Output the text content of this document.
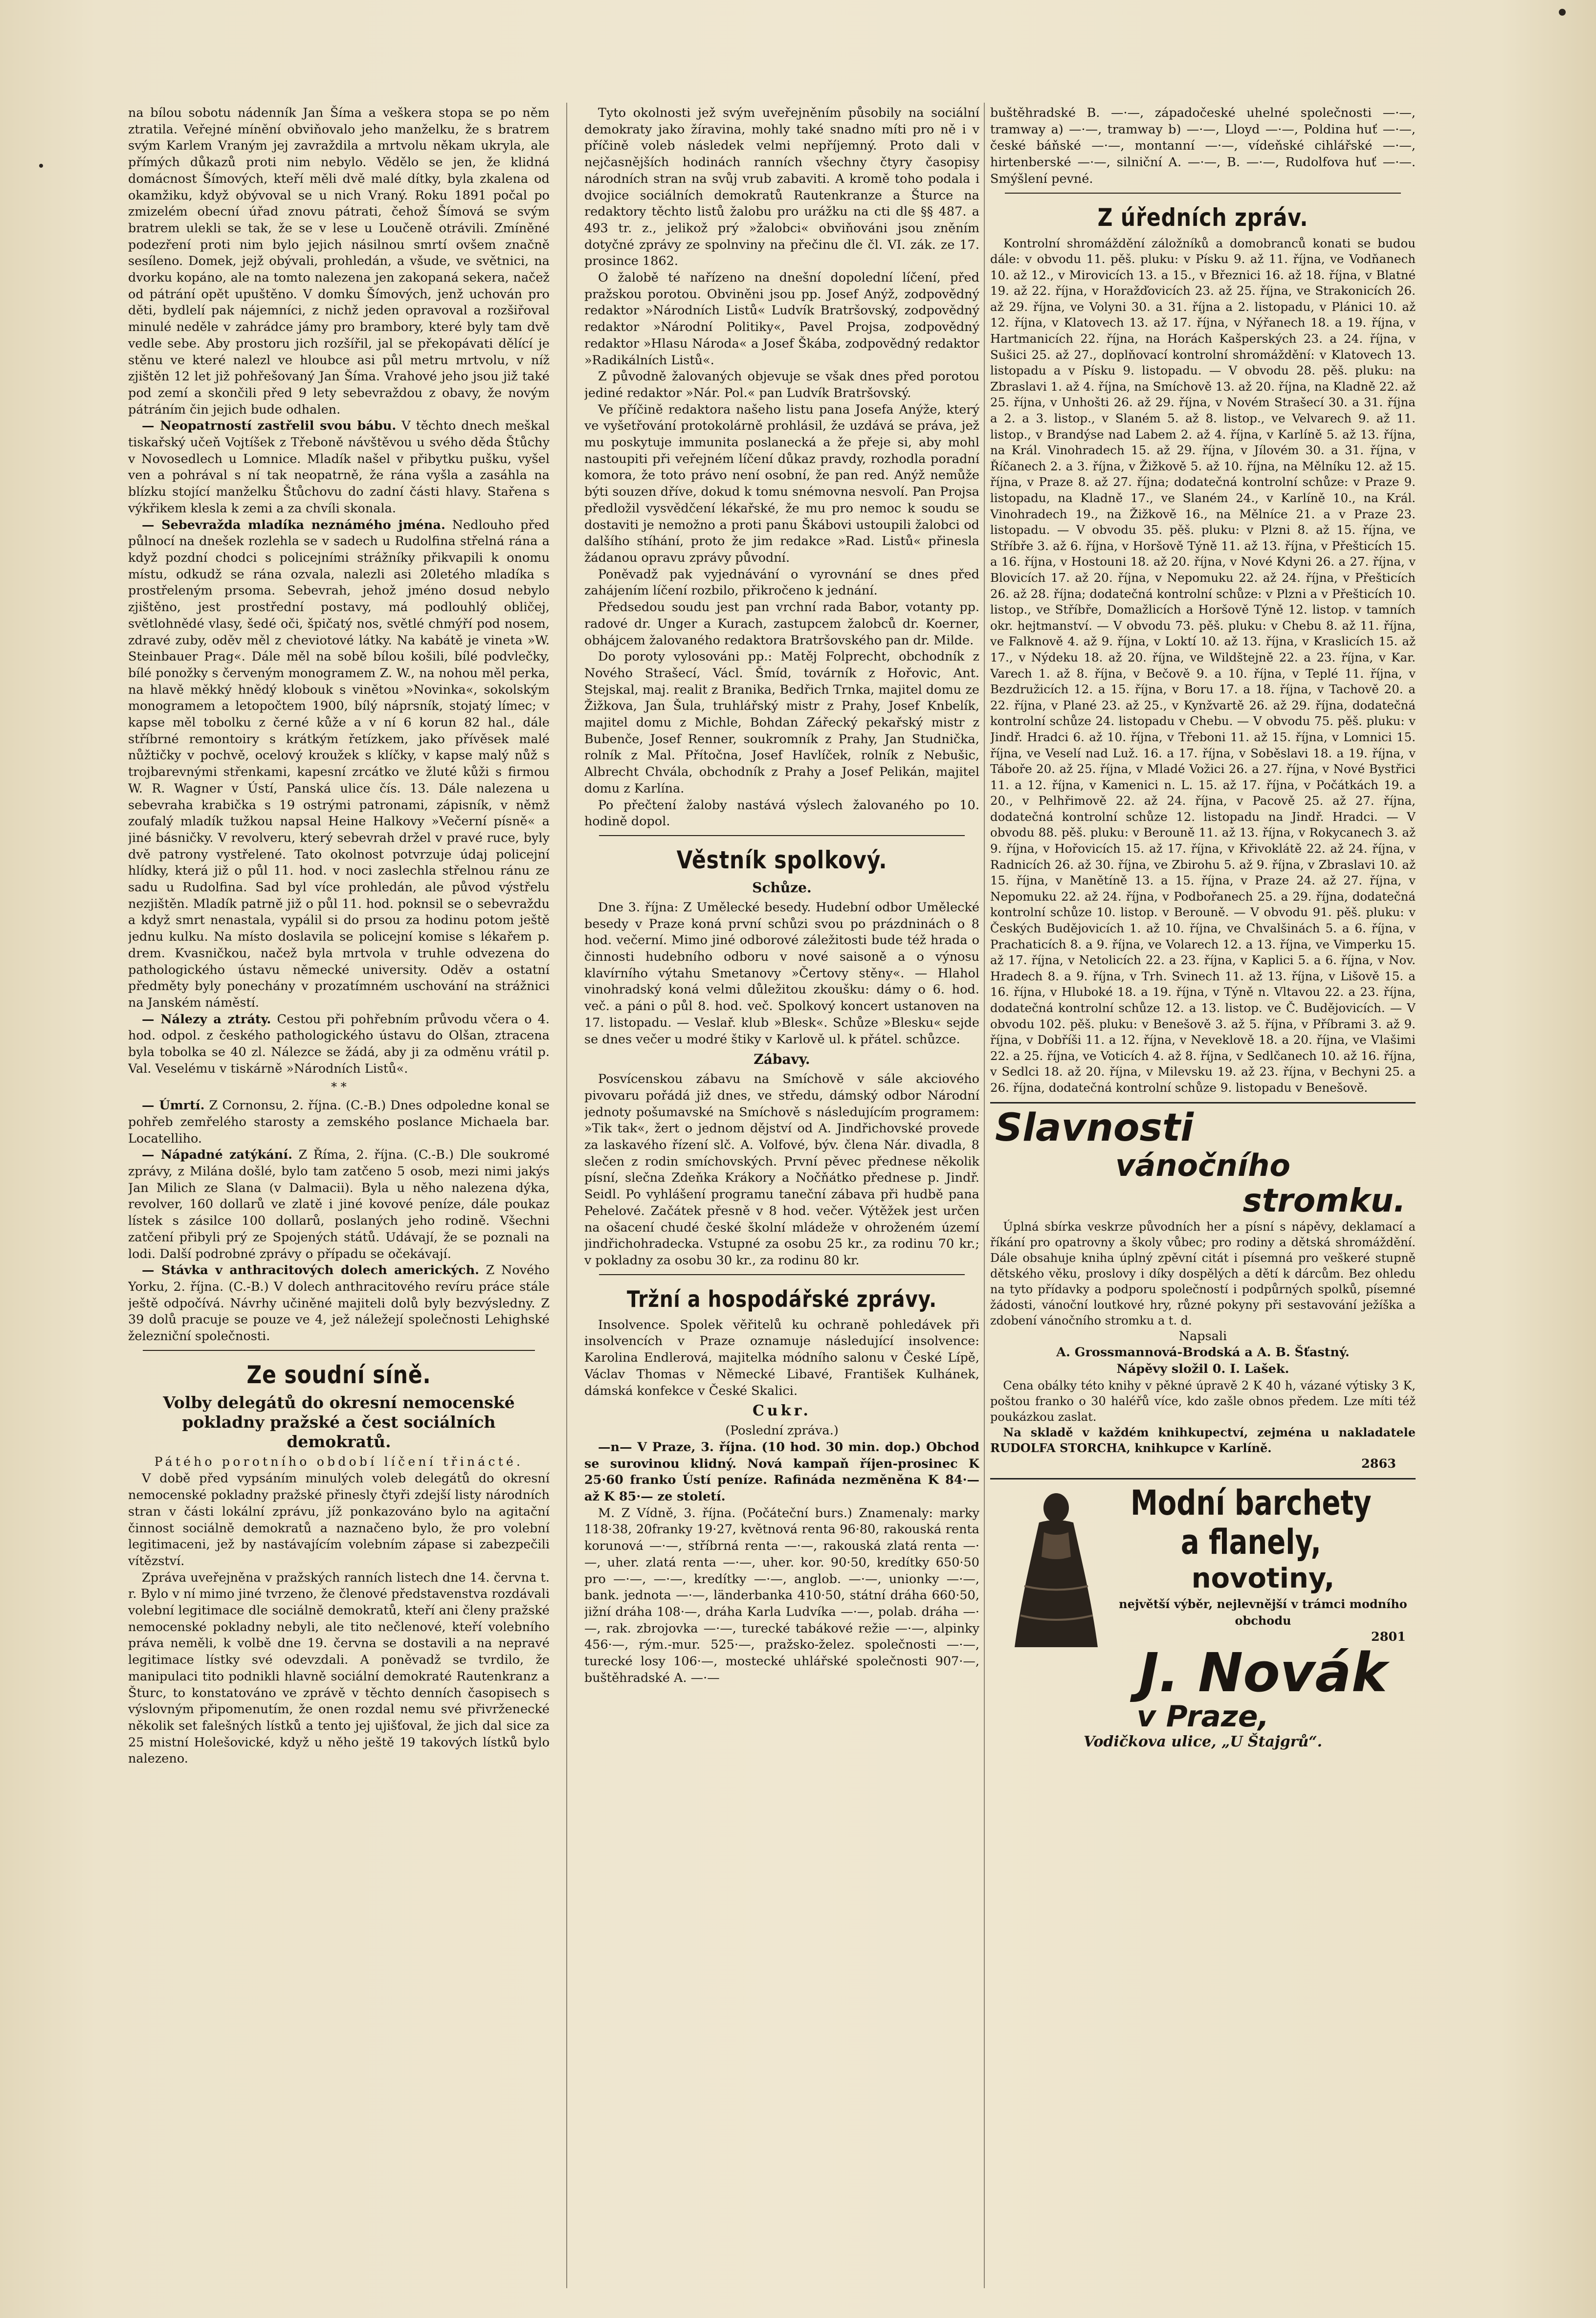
na bílou sobotu nádenník Jan Šíma a veškera stopa se po něm ztratila. Veřejné mínění obviňovalo jeho manželku, že s bratrem svým Karlem Vraným jej zavraždila a mrtvolu někam ukryla, ale přímých důkazů proti nim nebylo. Vědělo se jen, že klidná domácnost Šímových, kteří měli dvě malé dítky, byla zkalena od okamžiku, když obývoval se u nich Vraný. Roku 1891 počal po zmizelém obecní úřad znovu pátrati, čehož Šímová se svým bratrem ulekli se tak, že se v lese u Loučeně otrávili. Zmíněné podezření proti nim bylo jejich násilnou smrtí ovšem značně sesíleno. Domek, jejž obývali, prohledán, a všude, ve světnici, na dvorku kopáno, ale na tomto nalezena jen zakopaná sekera, načež od pátrání opět upuštěno. V domku Šímových, jenž uchován pro děti, bydlelí pak nájemníci, z nichž jeden opravoval a rozšiřoval minulé neděle v zahrádce jámy pro brambory, které byly tam dvě vedle sebe. Aby prostoru jich rozšířil, jal se překopávati dělící je stěnu ve které nalezl ve hloubce asi půl metru mrtvolu, v níž zjištěn 12 let již pohřešovaný Jan Šíma. Vrahové jeho jsou již také pod zemí a skončili před 9 lety sebevraždou z obavy, že novým pátráním čin jejich bude odhalen.

— Neopatrností zastřelil svou bábu. V těchto dnech meškal tiskařský učeň Vojtíšek z Třeboně návštěvou u svého děda Štůchy v Novosedlech u Lomnice. Mladík našel v přibytku pušku, vyšel ven a pohrával s ní tak neopatrně, že rána vyšla a zasáhla na blízku stojící manželku Štůchovu do zadní části hlavy. Stařena s výkřikem klesla k zemi a za chvíli skonala.

— Sebevražda mladíka neznámého jména. Nedlouho před půlnocí na dnešek rozlehla se v sadech u Rudolfina střelná rána a když pozdní chodci s policejními strážníky přikvapili k onomu místu, odkudž se rána ozvala, nalezli asi 20letého mladíka s prostřeleným prsoma. Sebevrah, jehož jméno dosud nebylo zjištěno, jest prostřední postavy, má podlouhlý obličej, světlohnědé vlasy, šedé oči, špičatý nos, světlé chmýří pod nosem, zdravé zuby, oděv měl z cheviotové látky. Na kabátě je vinetа »W. Steinbauer Prag«. Dále měl na sobě bílou košili, bílé podvlečky, bílé ponožky s červeným monogramem Z. W., na nohou měl perka, na hlavě měkký hnědý klobouk s vinětou »Novinka«, sokolským monogramem a letopočtem 1900, bílý náprsník, stojatý límec; v kapse měl tobolku z černé kůže a v ní 6 korun 82 hal., dále stříbrné remontoiry s krátkým řetízkem, jako přívěsek malé nůžtičky v pochvě, ocelový kroužek s klíčky, v kapse malý nůž s trojbarevnými střenkami, kapesní zrcátko ve žluté kůži s firmou W. R. Wagner v Ústí, Panská ulice čís. 13. Dále nalezena u sebevraha krabička s 19 ostrými patronami, zápisník, v němž zoufalý mladík tužkou napsal Heine Halkovy »Večerní písně« a jiné básničky. V revolveru, který sebevrah držel v pravé ruce, byly dvě patrony vystřelené. Tato okolnost potvrzuje údaj policejní hlídky, která již o půl 11. hod. v noci zaslechla střelnou ránu ze sadu u Rudolfina. Sad byl více prohledán, ale původ výstřelu nezjištěn. Mladík patrně již o půl 11. hod. poknsil se o sebevraždu a když smrt nenastala, vypálil si do prsou za hodinu potom ještě jednu kulku. Na místo doslavila se policejní komise s lékařem p. drem. Kvasničkou, načež byla mrtvola v truhle odvezena do pathologického ústavu německé university. Oděv a ostatní předměty byly ponechány v prozatímném uschování na strážnici na Janském náměstí.

— Nálezy a ztráty. Cestou při pohřebním průvodu včera o 4. hod. odpol. z českého pathologického ústavu do Olšan, ztracena byla tobolka se 40 zl. Nálezce se žádá, aby ji za odměnu vrátil p. Val. Veselému v tiskárně »Národních Listů«.

* *

— Úmrtí. Z Cornonsu, 2. října. (C.-B.) Dnes odpoledne konal se pohřeb zemřelého starosty a zemského poslance Michaela bar. Locatelliho.

— Nápadné zatýkání. Z Říma, 2. října. (C.-B.) Dle soukromé zprávy, z Milána došlé, bylo tam zatčeno 5 osob, mezi nimi jakýs Jan Milich ze Slana (v Dalmacii). Byla u něho nalezena dýka, revolver, 160 dollarů ve zlatě i jiné kovové peníze, dále poukaz lístek s zásilce 100 dollarů, poslaných jeho rodině. Všechni zatčení přibyli prý ze Spojených států. Udávají, že se poznali na lodi. Další podrobné zprávy o případu se očekávají.

— Stávka v anthracitových dolech amerických. Z Nového Yorku, 2. října. (C.-B.) V dolech anthracitového revíru práce stále ještě odpočívá. Návrhy učiněné majiteli dolů byly bezvýsledny. Z 39 dolů pracuje se pouze ve 4, jež náležejí společnosti Lehighské železniční společnosti.

Ze soudní síně.
Volby delegátů do okresní nemocenské pokladny pražské a čest sociálních demokratů.
Pátého porotního období líčení třinácté.

V době před vypsáním minulých voleb delegátů do okresní nemocenské pokladny pražské přinesly čtyři zdejší listy národních stran v části lokální zprávu, jíž ponkazováno bylo na agitační činnost sociálně demokratů a naznačeno bylo, že pro volební legitimaceni, jež by nastávajícím volebním zápase si zabezpečili vítězství.

Zpráva uveřejněna v pražských ranních listech dne 14. června t. r. Bylo v ní mimo jiné tvrzeno, že členové představenstva rozdávali volební legitimace dle sociálně demokratů, kteří ani členy pražské nemocenské pokladny nebyli, ale tito nečlenové, kteří volebního práva neměli, k volbě dne 19. června se dostavili a na nepravé legitimace lístky své odevzdali. A poněvadž se tvrdilo, že manipulaci tito podnikli hlavně sociální demokraté Rautenkranz a Šturc, to konstatováno ve zprávě v těchto denních časopisech s výslovným připomenutím, že onen rozdal nemu své přivrženecké několik set falešných lístků a tento jej ujišťoval, že jich dal sice za 25 mistní Holešovické, když u něho ještě 19 takových lístků bylo nalezeno.

Tyto okolnosti jež svým uveřejněním působily na sociální demokraty jako žíravina, mohly také snadno míti pro ně i v příčině voleb následek velmi nepříjemný. Proto dali v nejčasnějších hodinách ranních všechny čtyry časopisy národních stran na svůj vrub zabaviti. A kromě toho podala i dvojice sociálních demokratů Rautenkranze a Šturce na redaktory těchto listů žalobu pro urážku na cti dle §§ 487. a 493 tr. z., jelikož prý »žalobci« obviňováni jsou zněním dotyčné zprávy ze spolnviny na přečinu dle čl. VI. zák. ze 17. prosince 1862.

O žalobě té nařízeno na dnešní dopolední líčení, před pražskou porotou. Obviněni jsou pp. Josef Anýž, zodpovědný redaktor »Národních Listů« Ludvík Bratršovský, zodpovědný redaktor »Národní Politiky«, Pavel Projsa, zodpovědný redaktor »Hlasu Národa« a Josef Škába, zodpovědný redaktor »Radikálních Listů«.

Z původně žalovaných objevuje se však dnes před porotou jediné redaktor »Nár. Pol.« pan Ludvík Bratršovský.

Ve příčině redaktora našeho listu pana Josefa Anýže, který ve vyšetřování protokolárně prohlásil, že uzdává se práva, jež mu poskytuje immunita poslanecká a že přeje si, aby mohl nastoupiti při veřejném líčení důkaz pravdy, rozhodla poradní komora, že toto právo není osobní, že pan red. Anýž nemůže býti souzen dříve, dokud k tomu snémovna nesvolí. Pan Projsa předložil vysvědčení lékařské, že mu pro nemoc k soudu se dostaviti je nemožno a proti panu Škábovi ustoupili žalobci od dalšího stíhání, proto že jim redakce »Rad. Listů« přinesla žádanou opravu zprávy původní.

Poněvadž pak vyjednávání o vyrovnání se dnes před zahájením líčení rozbilo, přikročeno k jednání.

Předsedou soudu jest pan vrchní rada Babor, votanty pp. radové dr. Unger a Kurach, zastupcem žalobců dr. Koerner, obhájcem žalovaného redaktora Bratršovského pan dr. Milde.

Do poroty vylosováni pp.: Matěj Folprecht, obchodník z Nového Strašecí, Václ. Šmíd, továrník z Hořovic, Ant. Stejskal, maj. realit z Branika, Bedřich Trnka, majitel domu ze Žižkova, Jan Šula, truhlářský mistr z Prahy, Josef Knbelík, majitel domu z Michle, Bohdan Zářecký pekařský mistr z Bubenče, Josef Renner, soukromník z Prahy, Jan Studnička, rolník z Mal. Přítočna, Josef Havlíček, rolník z Nebušic, Albrecht Chvála, obchodník z Prahy a Josef Pelikán, majitel domu z Karlína.

Po přečtení žaloby nastává výslech žalovaného po 10. hodině dopol.

Věstník spolkový.
Schůze.

Dne 3. října: Z Umělecké besedy. Hudební odbor Umělecké besedy v Praze koná první schůzi svou po prázdninách o 8 hod. večerní. Mimo jiné odborové záležitosti bude též hrada o činnosti hudebního odboru v nové saisoně a o výnosu klavírního výtahu Smetanovy »Čertovy stěny«. — Hlahol vinohradský koná velmi důležitou zkoušku: dámy o 6. hod. več. a páni o půl 8. hod. več. Spolkový koncert ustanoven na 17. listopadu. — Veslař. klub »Blesk«. Schůze »Blesku« sejde se dnes večer u modré štiky v Karlově ul. k přátel. schůzce.

Zábavy.

Posvícenskou zábavu na Smíchově v sále akciového pivovaru pořádá již dnes, ve středu, dámský odbor Národní jednoty pošumavské na Smíchově s následujícím programem: »Tik tak«, žert o jednom dějství od A. Jindřichovské provede za laskavého řízení slč. A. Volfové, býv. člena Nár. divadla, 8 slečen z rodin smíchovských. První pěvec přednese několik písní, slečna Zdeňka Krákory a Nočňátko přednese p. Jindř. Seidl. Po vyhlášení programu taneční zábava při hudbě pana Pehelové. Začátek přesně v 8 hod. večer. Výtěžek jest určen na ošacení chudé české školní mládeže v ohroženém území jindřichohradecka. Vstupné za osobu 25 kr., za rodinu 70 kr.; v pokladny za osobu 30 kr., za rodinu 80 kr.

Tržní a hospodářské zprávy.

Insolvence. Spolek věřitelů ku ochraně pohledávek při insolvencích v Praze oznamuje následující insolvence: Karolina Endlerová, majitelka módního salonu v České Lípě, Václav Thomas v Německé Libavé, František Kulhánek, dámská konfekce v České Skalici.

Cukr.
(Poslední zpráva.)

—n— V Praze, 3. října. (10 hod. 30 min. dop.) Obchod se surovinou klidný. Nová kampaň říjen-prosinec K 25·60 franko Ústí peníze. Rafináda nezměněna K 84·— až K 85·— ze století.

M. Z Vídně, 3. října. (Počáteční burs.) Znamenaly: marky 118·38, 20franky 19·27, květnová renta 96·80, rakouská renta korunová —·—, stříbrná renta —·—, rakouská zlatá renta —·—, uher. zlatá renta —·—, uher. kor. 90·50, kredítky 650·50 pro —·—, —·—, kredítky —·—, anglob. —·—, unionky —·—, bank. jednota —·—, länderbanka 410·50, státní dráha 660·50, jižní dráha 108·—, dráha Karla Ludvíka —·—, polab. dráha —·—, rak. zbrojovka —·—, turecké tabákové režie —·—, alpinky 456·—, rým.-mur. 525·—, pražsko-želez. společnosti —·—, turecké losy 106·—, mostecké uhlářské společnosti 907·—, buštěhradské A. —·—

buštěhradské B. —·—, západočeské uhelné společnosti —·—, tramway a) —·—, tramway b) —·—, Lloyd —·—, Poldina huť —·—, české báňské —·—, montanní —·—, vídeňské cihlářské —·—, hirtenberské —·—, silniční A. —·—, B. —·—, Rudolfova huť —·—. Smýšlení pevné.

Z úředních zpráv.

Kontrolní shromáždění záložníků a domobranců konati se budou dále: v obvodu 11. pěš. pluku: v Písku 9. až 11. října, ve Vodňanech 10. až 12., v Mirovicích 13. a 15., v Březnici 16. až 18. října, v Blatné 19. až 22. října, v Horažďovicích 23. až 25. října, ve Strakonicích 26. až 29. října, ve Volyni 30. a 31. října a 2. listopadu, v Plánici 10. až 12. října, v Klatovech 13. až 17. října, v Nýřanech 18. a 19. října, v Hartmanicích 22. října, na Horách Kašperských 23. a 24. října, v Sušici 25. až 27., doplňovací kontrolní shromáždění: v Klatovech 13. listopadu a v Písku 9. listopadu. — V obvodu 28. pěš. pluku: na Zbraslavi 1. až 4. října, na Smíchově 13. až 20. října, na Kladně 22. až 25. října, v Unhošti 26. až 29. října, v Novém Strašecí 30. a 31. října a 2. a 3. listop., v Slaném 5. až 8. listop., ve Velvarech 9. až 11. listop., v Brandýse nad Labem 2. až 4. října, v Karlíně 5. až 13. října, na Král. Vinohradech 15. až 29. října, v Jílovém 30. a 31. října, v Říčanech 2. a 3. října, v Žižkově 5. až 10. října, na Mělníku 12. až 15. října, v Praze 8. až 27. října; dodatečná kontrolní schůze: v Praze 9. listopadu, na Kladně 17., ve Slaném 24., v Karlíně 10., na Král. Vinohradech 19., na Žižkově 16., na Mělníce 21. a v Praze 23. listopadu. — V obvodu 35. pěš. pluku: v Plzni 8. až 15. října, ve Stříbře 3. až 6. října, v Horšově Týně 11. až 13. října, v Přešticích 15. a 16. října, v Hostouni 18. až 20. října, v Nové Kdyni 26. a 27. října, v Blovicích 17. až 20. října, v Nepomuku 22. až 24. října, v Přešticích 26. až 28. října; dodatečná kontrolní schůze: v Plzni a v Přešticích 10. listop., ve Stříbře, Domažlicích a Horšově Týně 12. listop. v tamních okr. hejtmanství. — V obvodu 73. pěš. pluku: v Chebu 8. až 11. října, ve Falknově 4. až 9. října, v Loktí 10. až 13. října, v Kraslicích 15. až 17., v Nýdeku 18. až 20. října, ve Wildštejně 22. a 23. října, v Kar. Varech 1. až 8. října, v Bečově 9. a 10. října, v Teplé 11. října, v Bezdružicích 12. a 15. října, v Boru 17. a 18. října, v Tachově 20. a 22. října, v Plané 23. až 25., v Kynžvartě 26. až 29. října, dodatečná kontrolní schůze 24. listopadu v Chebu. — V obvodu 75. pěš. pluku: v Jindř. Hradci 6. až 10. října, v Třeboni 11. až 15. října, v Lomnici 15. října, ve Veselí nad Luž. 16. a 17. října, v Soběslavi 18. a 19. října, v Táboře 20. až 25. října, v Mladé Vožici 26. a 27. října, v Nové Bystřici 11. a 12. října, v Kamenici n. L. 15. až 17. října, v Počátkách 19. a 20., v Pelhřimově 22. až 24. října, v Pacově 25. až 27. října, dodatečná kontrolní schůze 12. listopadu na Jindř. Hradci. — V obvodu 88. pěš. pluku: v Berouně 11. až 13. října, v Rokycanech 3. až 9. října, v Hořovicích 15. až 17. října, v Křivoklátě 22. až 24. října, v Radnicích 26. až 30. října, ve Zbirohu 5. až 9. října, v Zbraslavi 10. až 15. října, v Manětíně 13. a 15. října, v Praze 24. až 27. října, v Nepomuku 22. až 24. října, v Podbořanech 25. a 29. října, dodatečná kontrolní schůze 10. listop. v Berouně. — V obvodu 91. pěš. pluku: v Českých Budějovicích 1. až 10. října, ve Chvalšinách 5. a 6. října, v Prachaticích 8. a 9. října, ve Volarech 12. a 13. října, ve Vimperku 15. až 17. října, v Netolicích 22. a 23. října, v Kaplici 5. a 6. října, v Nov. Hradech 8. a 9. října, v Trh. Svinech 11. až 13. října, v Lišově 15. a 16. října, v Hluboké 18. a 19. října, v Týně n. Vltavou 22. a 23. října, dodatečná kontrolní schůze 12. a 13. listop. ve Č. Budějovicích. — V obvodu 102. pěš. pluku: v Benešově 3. až 5. října, v Příbrami 3. až 9. října, v Dobříši 11. a 12. října, v Neveklově 18. a 20. října, ve Vlašimi 22. a 25. října, ve Voticích 4. až 8. října, v Sedlčanech 10. až 16. října, v Sedlci 18. až 20. října, v Milevsku 19. až 23. října, v Bechyni 25. a 26. října, dodatečná kontrolní schůze 9. listopadu v Benešově.

Slavnosti
vánočního
stromku.

Úplná sbírka veskrze původních her a písní s nápěvy, deklamací a říkání pro opatrovny a školy vůbec; pro rodiny a dětská shromáždění. Dále obsahuje kniha úplný zpěvní citát i písemná pro veškeré stupně dětského věku, proslovy i díky dospělých a dětí k dárcům. Bez ohledu na tyto přídavky a podporu společností i podpůrných spolků, písemné žádosti, vánoční loutkové hry, různé pokyny při sestavování ježíška a zdobení vánočního stromku a t. d.

Napsali
A. Grossmannová-Brodská a A. B. Šťastný.
Nápěvy složil 0. I. Lašek.

Cena obálky této knihy v pěkné úpravě 2 K 40 h, vázané výtisky 3 K, poštou franko o 30 haléřů více, kdo zašle obnos předem. Lze míti též poukázkou zaslat.

Na skladě v každém knihkupectví, zejména u nakladatele RUDOLFA STORCHA, knihkupce v Karlíně.

2863
Modní barchety a flanely,
novotiny,
největší výběr, nejlevnější v trámci modního obchodu
2801
J. Novák
v Praze,
Vodičkova ulice, „U Štajgrů“.
